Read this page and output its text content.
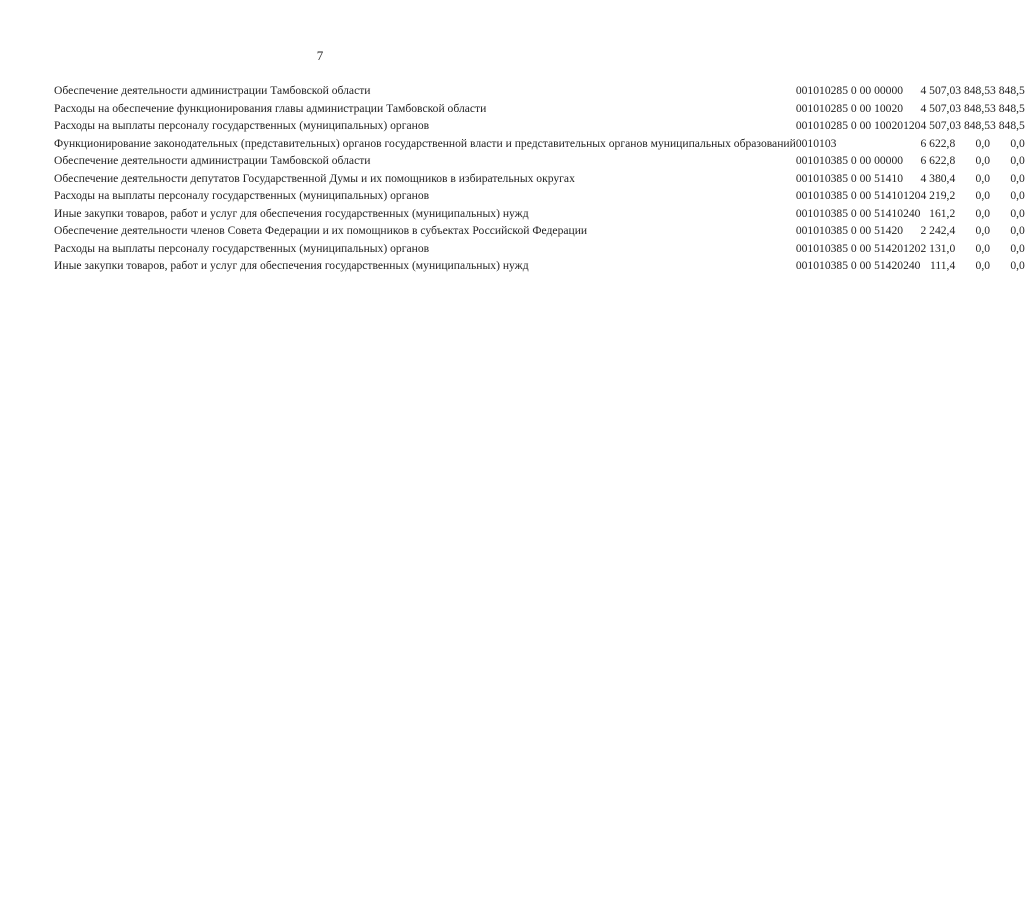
7
Обеспечение деятельности администрации Тамбовской области	001	01	02	85 0 00 00000		4 507,0	3 848,5	3 848,5
Расходы на обеспечение функционирования главы администрации Тамбовской области	001	01	02	85 0 00 10020		4 507,0	3 848,5	3 848,5
Расходы на выплаты персоналу государственных (муниципальных) органов	001	01	02	85 0 00 10020	120	4 507,0	3 848,5	3 848,5
Функционирование законодательных (представительных) органов государственной власти и представительных органов муниципальных образований	001	01	03			6 622,8	0,0	0,0
Обеспечение деятельности администрации Тамбовской области	001	01	03	85 0 00 00000		6 622,8	0,0	0,0
Обеспечение деятельности депутатов Государственной Думы и их помощников в избирательных округах	001	01	03	85 0 00 51410		4 380,4	0,0	0,0
Расходы на выплаты персоналу государственных (муниципальных) органов	001	01	03	85 0 00 51410	120	4 219,2	0,0	0,0
Иные закупки товаров, работ и услуг для обеспечения государственных (муниципальных) нужд	001	01	03	85 0 00 51410	240	161,2	0,0	0,0
Обеспечение деятельности членов Совета Федерации и их помощников в субъектах Российской Федерации	001	01	03	85 0 00 51420		2 242,4	0,0	0,0
Расходы на выплаты персоналу государственных (муниципальных) органов	001	01	03	85 0 00 51420	120	2 131,0	0,0	0,0
Иные закупки товаров, работ и услуг для обеспечения государственных (муниципальных) нужд	001	01	03	85 0 00 51420	240	111,4	0,0	0,0
